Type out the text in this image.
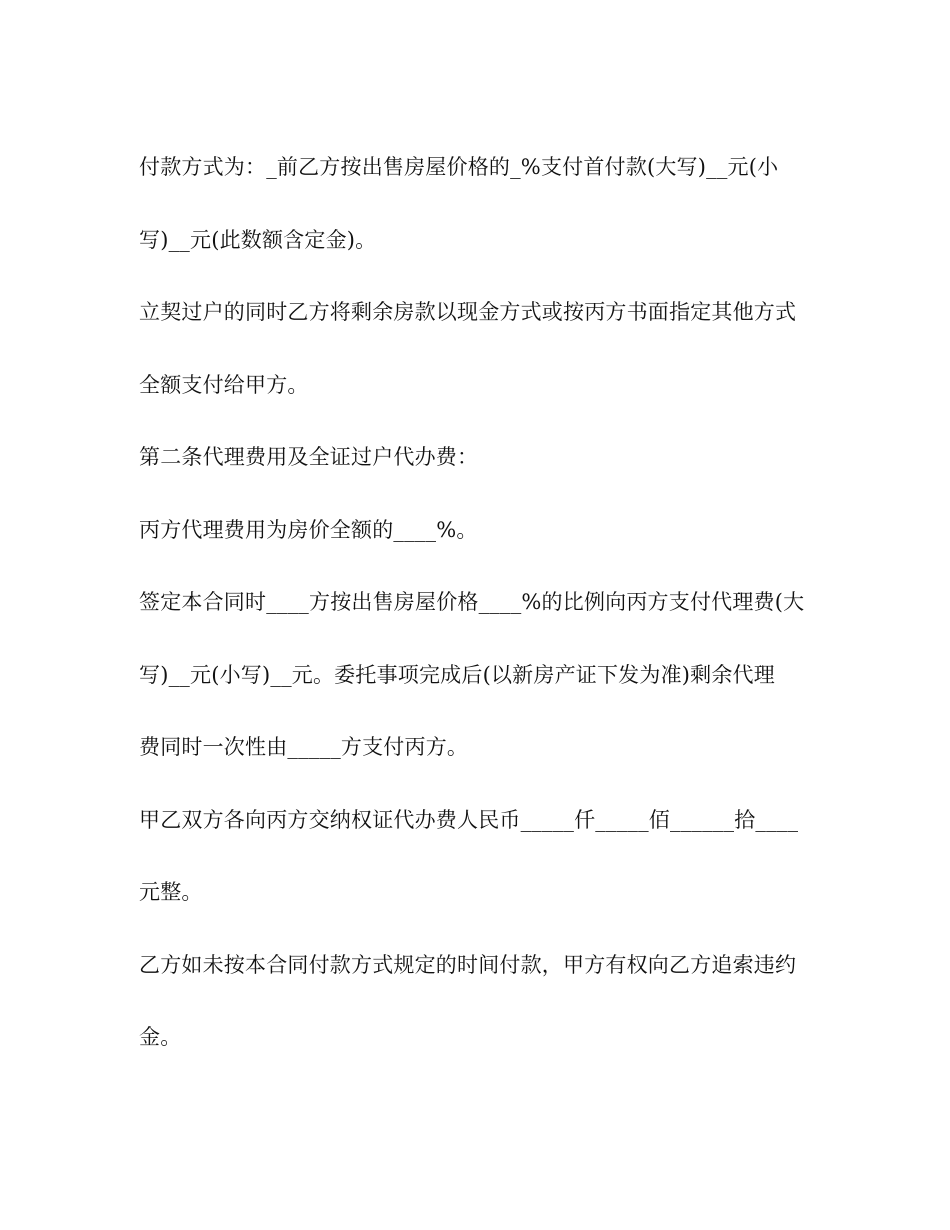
付款方式为：_前乙方按出售房屋价格的_%支付首付款(大写)__元(小
写)__元(此数额含定金)。
立契过户的同时乙方将剩余房款以现金方式或按丙方书面指定其他方式
全额支付给甲方。
第二条代理费用及全证过户代办费：
丙方代理费用为房价全额的____%。
签定本合同时____方按出售房屋价格____%的比例向丙方支付代理费(大
写)__元(小写)__元。委托事项完成后(以新房产证下发为准)剩余代理
费同时一次性由_____方支付丙方。
甲乙双方各向丙方交纳权证代办费人民币_____仟_____佰______拾____
元整。
乙方如未按本合同付款方式规定的时间付款，甲方有权向乙方追索违约
金。
